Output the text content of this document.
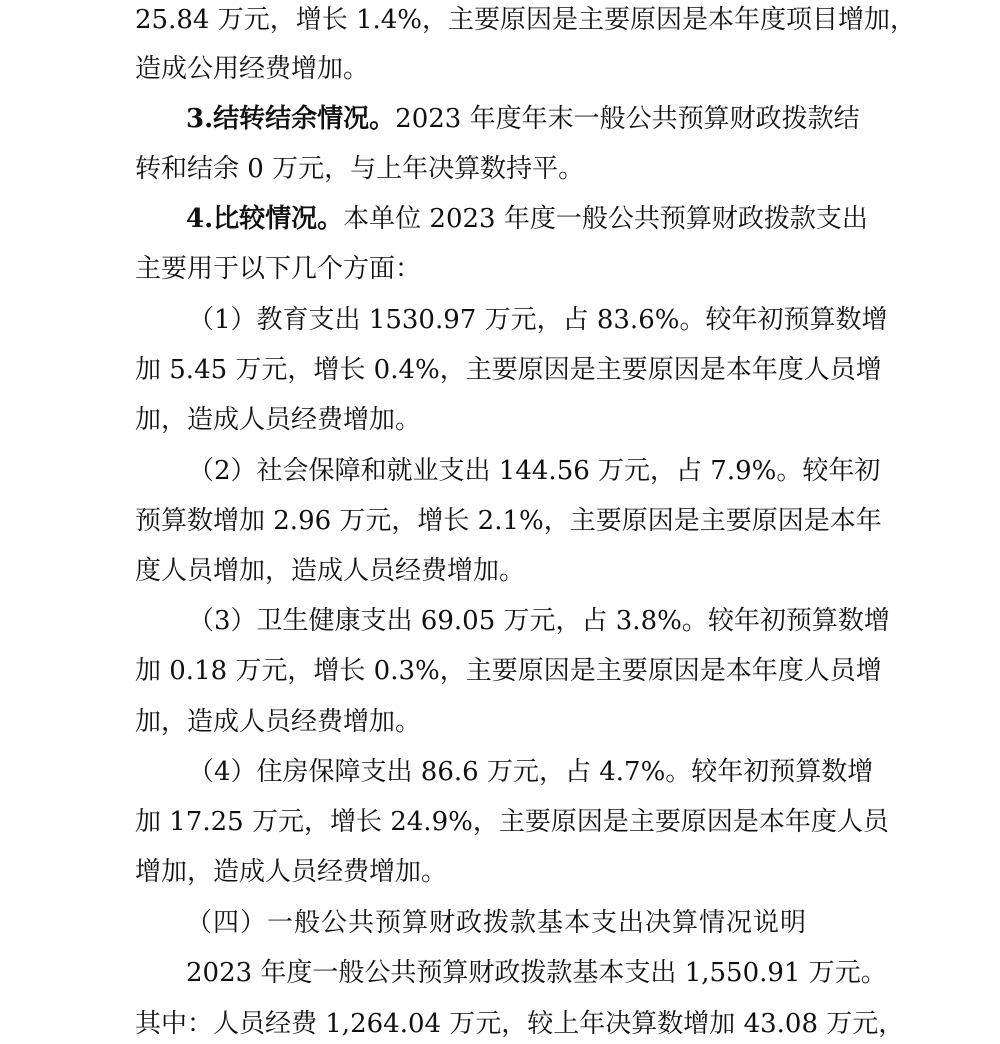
25.84 万元，增长 1.4%，主要原因是主要原因是本年度项目增加，
造成公用经费增加。
3.结转结余情况。2023 年度年末一般公共预算财政拨款结
转和结余 0 万元，与上年决算数持平。
4.比较情况。本单位 2023 年度一般公共预算财政拨款支出
主要用于以下几个方面：
（1）教育支出 1530.97 万元，占 83.6%。较年初预算数增
加 5.45 万元，增长 0.4%，主要原因是主要原因是本年度人员增
加，造成人员经费增加。
（2）社会保障和就业支出 144.56 万元，占 7.9%。较年初
预算数增加 2.96 万元，增长 2.1%，主要原因是主要原因是本年
度人员增加，造成人员经费增加。
（3）卫生健康支出 69.05 万元，占 3.8%。较年初预算数增
加 0.18 万元，增长 0.3%，主要原因是主要原因是本年度人员增
加，造成人员经费增加。
（4）住房保障支出 86.6 万元，占 4.7%。较年初预算数增
加 17.25 万元，增长 24.9%，主要原因是主要原因是本年度人员
增加，造成人员经费增加。
（四）一般公共预算财政拨款基本支出决算情况说明
2023 年度一般公共预算财政拨款基本支出 1,550.91 万元。
其中：人员经费 1,264.04 万元，较上年决算数增加 43.08 万元，
